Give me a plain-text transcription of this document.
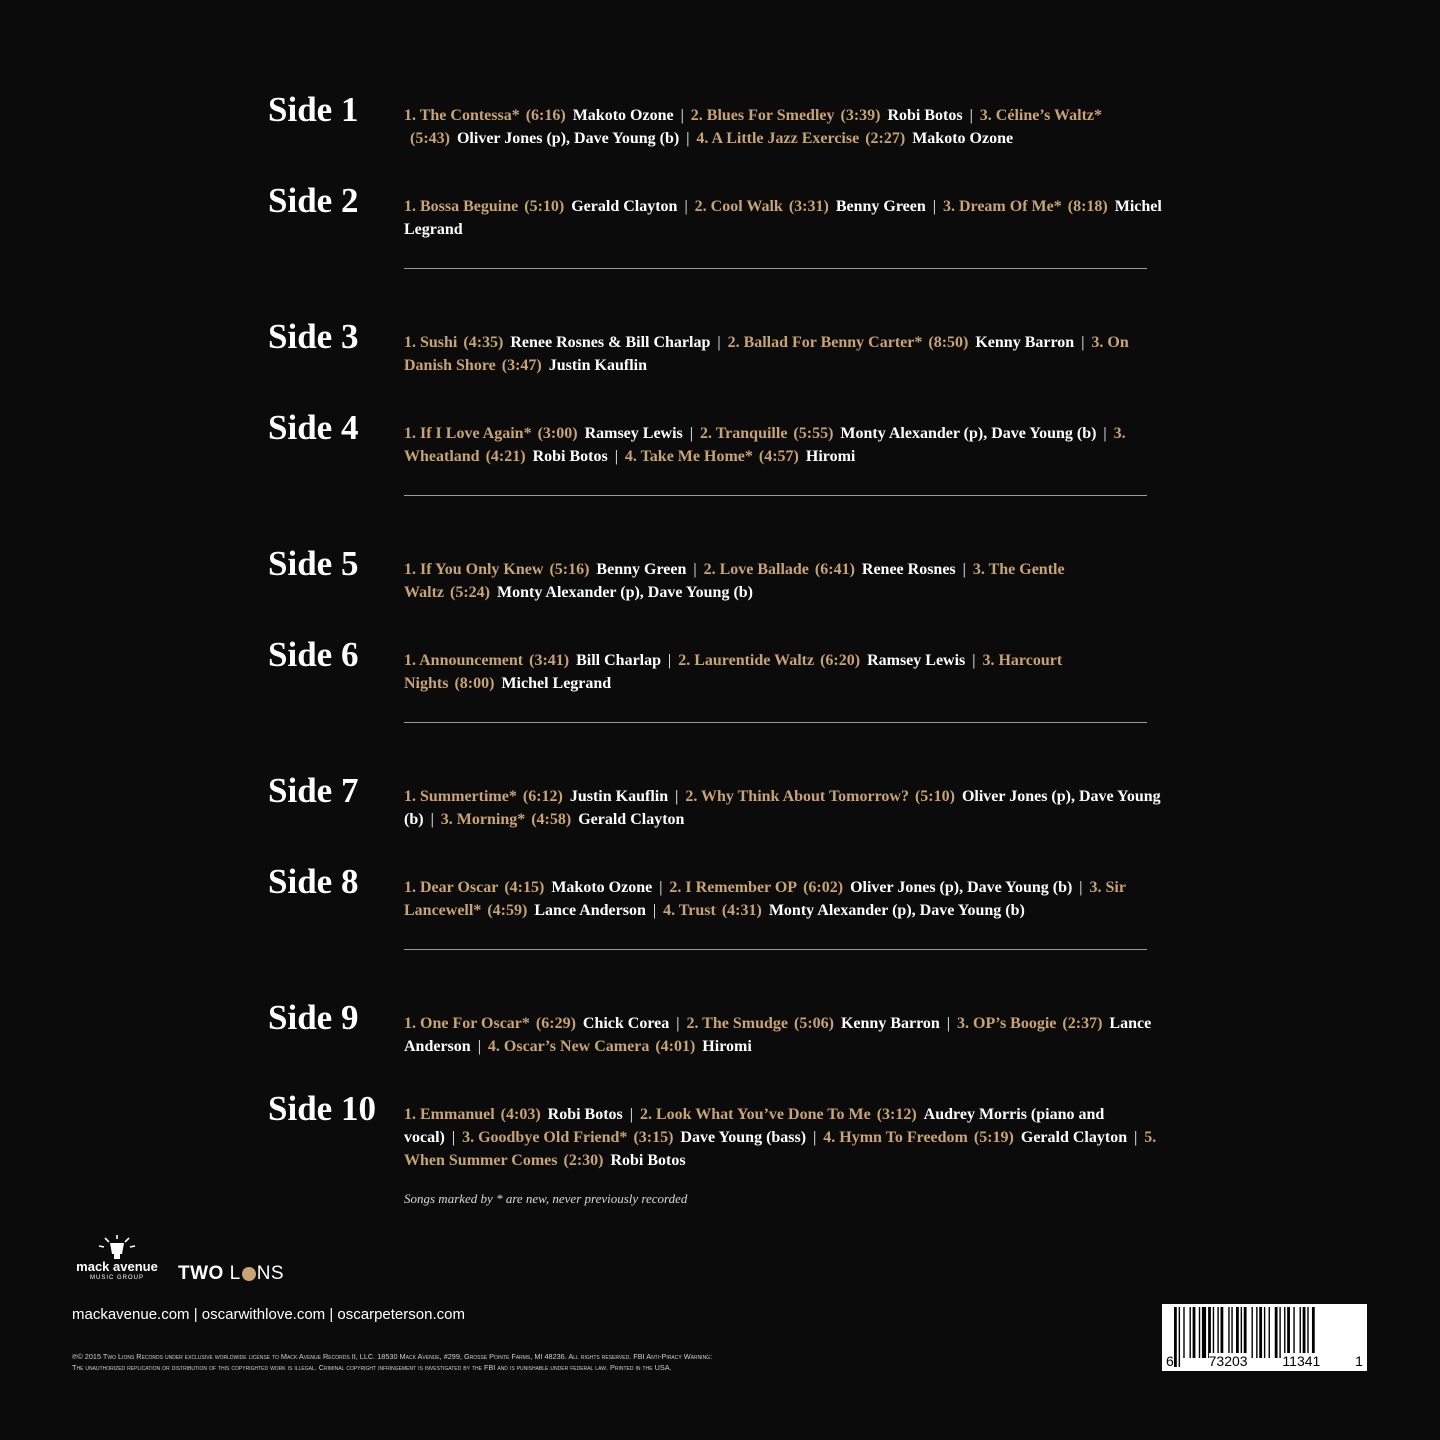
Side 1	1. The Contessa* (6:16) Makoto Ozone | 2. Blues For Smedley (3:39) Robi Botos | 3. Céline’s Waltz*(5:43) Oliver Jones (p), Dave Young (b) | 4. A Little Jazz Exercise (2:27) Makoto Ozone
Side 2	1. Bossa Beguine (5:10) Gerald Clayton | 2. Cool Walk (3:31) Benny Green | 3. Dream Of Me* (8:18) Michel Legrand
Side 3	1. Sushi (4:35) Renee Rosnes & Bill Charlap | 2. Ballad For Benny Carter* (8:50) Kenny Barron | 3. On Danish Shore (3:47) Justin Kauflin
Side 4	1. If I Love Again* (3:00) Ramsey Lewis | 2. Tranquille (5:55) Monty Alexander (p), Dave Young (b) | 3. Wheatland (4:21) Robi Botos | 4. Take Me Home* (4:57) Hiromi
Side 5	1. If You Only Knew (5:16) Benny Green | 2. Love Ballade (6:41) Renee Rosnes | 3. The Gentle Waltz (5:24) Monty Alexander (p), Dave Young (b)
Side 6	1. Announcement (3:41) Bill Charlap | 2. Laurentide Waltz (6:20) Ramsey Lewis | 3. Harcourt Nights (8:00) Michel Legrand
Side 7	1. Summertime* (6:12) Justin Kauflin | 2. Why Think About Tomorrow? (5:10) Oliver Jones (p), Dave Young (b) | 3. Morning* (4:58) Gerald Clayton
Side 8	1. Dear Oscar (4:15) Makoto Ozone | 2. I Remember OP (6:02) Oliver Jones (p), Dave Young (b) | 3. Sir Lancewell* (4:59) Lance Anderson | 4. Trust (4:31) Monty Alexander (p), Dave Young (b)
Side 9	1. One For Oscar* (6:29) Chick Corea | 2. The Smudge (5:06) Kenny Barron | 3. OP’s Boogie (2:37) Lance Anderson | 4. Oscar’s New Camera (4:01) Hiromi
Side 10 1. Emmanuel (4:03) Robi Botos | 2. Look What You’ve Done To Me (3:12) Audrey Morris (piano and vocal) | 3. Goodbye Old Friend* (3:15) Dave Young (bass) | 4. Hymn To Freedom (5:19) Gerald Clayton | 5. When Summer Comes (2:30) Robi Botos
Songs marked by * are new, never previously recorded
mack avenue
MUSIC GROUP	TWO
L NS
mackavenue.com | oscarwithlove.com | oscarpeterson.com
℗© 2015 Two Lions Records under exclusive worldwide license to Mack Avenue Records II, LLC. 18530 Mack Avenue, #299, Grosse Pointe Farms, MI 48236. All rights reserved. FBI Anti-Piracy Warning:
The unauthorized replication or distribution of this copyrighted work is illegal. Criminal copyright infringement is investigated by the FBI and is punishable under federal law. Printed in the USA.	6 73203 11341 1
